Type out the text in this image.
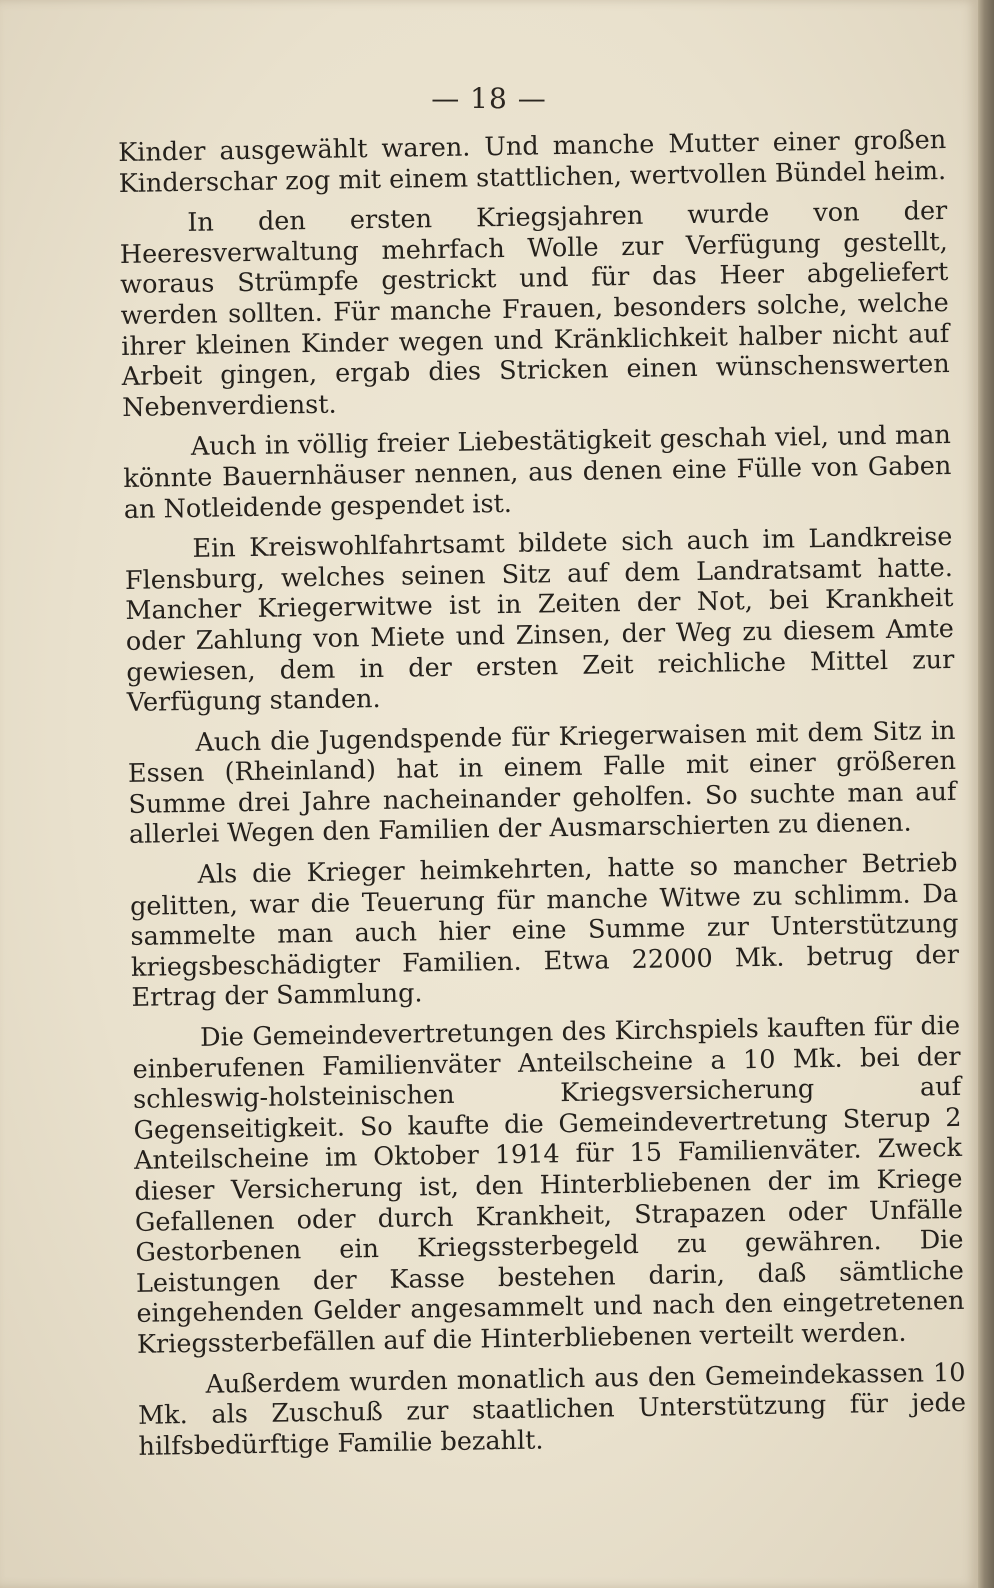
— 18 —

Kinder ausgewählt waren. Und manche Mutter einer großen Kinderschar zog mit einem stattlichen, wertvollen Bündel heim.

In den ersten Kriegsjahren wurde von der Heeresverwaltung mehrfach Wolle zur Verfügung gestellt, woraus Strümpfe gestrickt und für das Heer abgeliefert werden sollten. Für manche Frauen, besonders solche, welche ihrer kleinen Kinder wegen und Kränklichkeit halber nicht auf Arbeit gingen, ergab dies Stricken einen wünschenswerten Nebenverdienst.

Auch in völlig freier Liebestätigkeit geschah viel, und man könnte Bauernhäuser nennen, aus denen eine Fülle von Gaben an Notleidende gespendet ist.

Ein Kreiswohlfahrtsamt bildete sich auch im Landkreise Flensburg, welches seinen Sitz auf dem Landratsamt hatte. Mancher Kriegerwitwe ist in Zeiten der Not, bei Krankheit oder Zahlung von Miete und Zinsen, der Weg zu diesem Amte gewiesen, dem in der ersten Zeit reichliche Mittel zur Verfügung standen.

Auch die Jugendspende für Kriegerwaisen mit dem Sitz in Essen (Rheinland) hat in einem Falle mit einer größeren Summe drei Jahre nacheinander geholfen. So suchte man auf allerlei Wegen den Familien der Ausmarschierten zu dienen.

Als die Krieger heimkehrten, hatte so mancher Betrieb gelitten, war die Teuerung für manche Witwe zu schlimm. Da sammelte man auch hier eine Summe zur Unterstützung kriegsbeschädigter Familien. Etwa 22000 Mk. betrug der Ertrag der Sammlung.

Die Gemeindevertretungen des Kirchspiels kauften für die einberufenen Familienväter Anteilscheine a 10 Mk. bei der schleswig-holsteinischen Kriegsversicherung auf Gegenseitigkeit. So kaufte die Gemeindevertretung Sterup 2 Anteilscheine im Oktober 1914 für 15 Familienväter. Zweck dieser Versicherung ist, den Hinterbliebenen der im Kriege Gefallenen oder durch Krankheit, Strapazen oder Unfälle Gestorbenen ein Kriegssterbegeld zu gewähren. Die Leistungen der Kasse bestehen darin, daß sämtliche eingehenden Gelder angesammelt und nach den eingetretenen Kriegssterbefällen auf die Hinterbliebenen verteilt werden.

Außerdem wurden monatlich aus den Gemeindekassen 10 Mk. als Zuschuß zur staatlichen Unterstützung für jede hilfsbedürftige Familie bezahlt.
